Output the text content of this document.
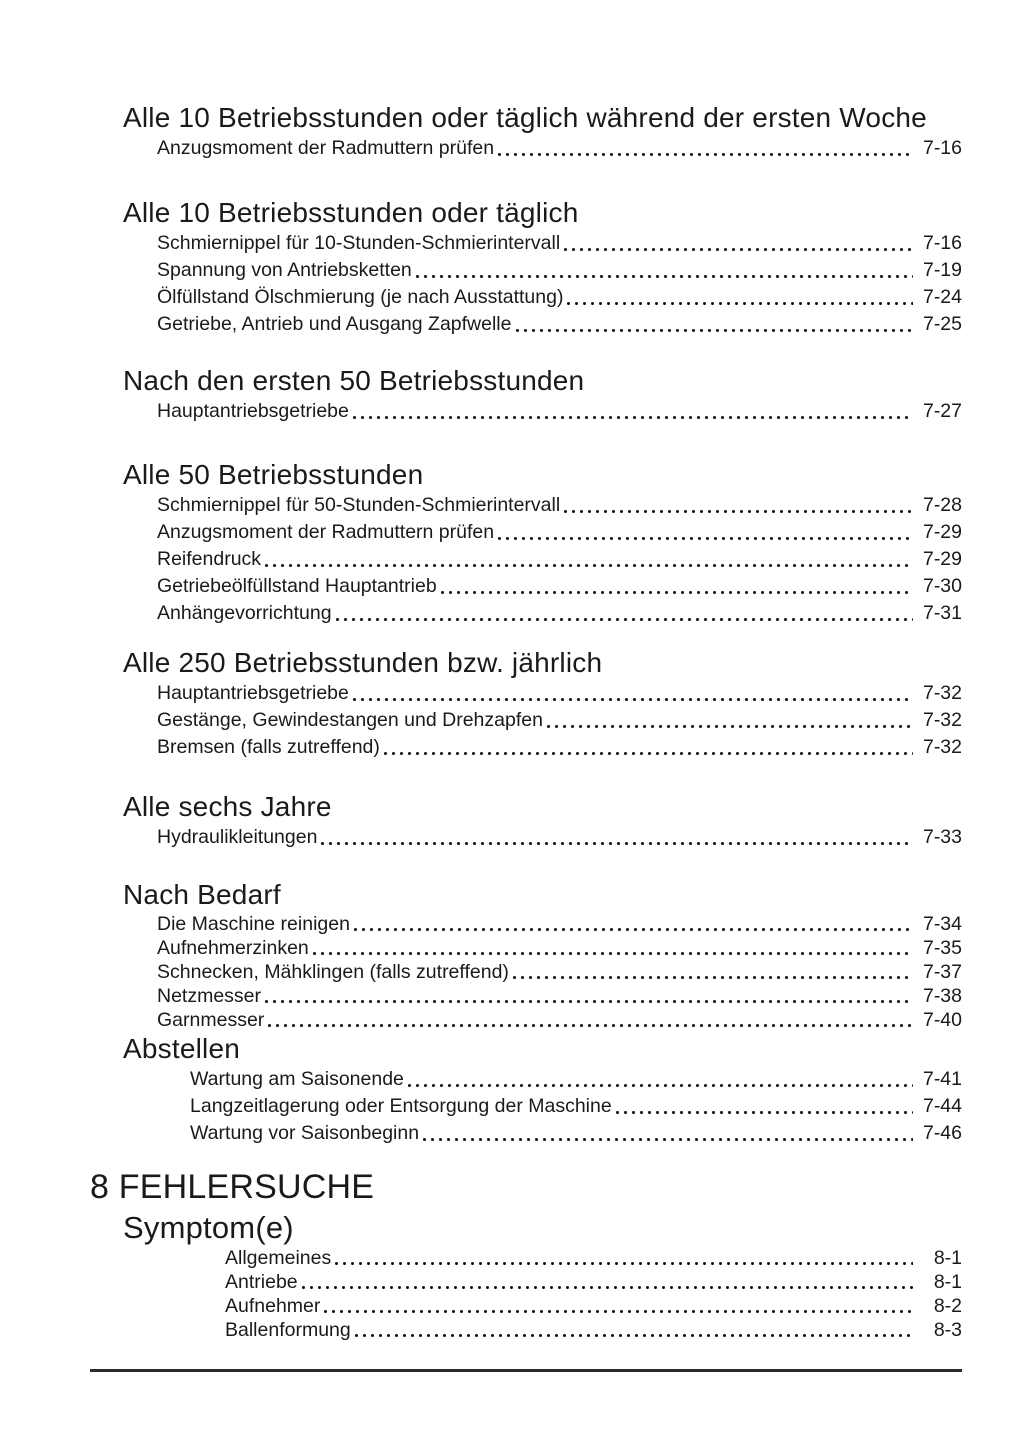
Alle 10 Betriebsstunden oder täglich während der ersten Woche
Anzugsmoment der Radmuttern prüfen	7-16
Alle 10 Betriebsstunden oder täglich
Schmiernippel für 10-Stunden-Schmierintervall	7-16
Spannung von Antriebsketten	7-19
Ölfüllstand Ölschmierung (je nach Ausstattung)	7-24
Getriebe, Antrieb und Ausgang Zapfwelle	7-25
Nach den ersten 50 Betriebsstunden
Hauptantriebsgetriebe	7-27
Alle 50 Betriebsstunden
Schmiernippel für 50-Stunden-Schmierintervall	7-28
Anzugsmoment der Radmuttern prüfen	7-29
Reifendruck	7-29
Getriebeölfüllstand Hauptantrieb	7-30
Anhängevorrichtung	7-31
Alle 250 Betriebsstunden bzw. jährlich
Hauptantriebsgetriebe	7-32
Gestänge, Gewindestangen und Drehzapfen	7-32
Bremsen (falls zutreffend)	7-32
Alle sechs Jahre
Hydraulikleitungen	7-33
Nach Bedarf
Die Maschine reinigen	7-34
Aufnehmerzinken	7-35
Schnecken, Mähklingen (falls zutreffend)	7-37
Netzmesser	7-38
Garnmesser	7-40
Abstellen
Wartung am Saisonende	7-41
Langzeitlagerung oder Entsorgung der Maschine	7-44
Wartung vor Saisonbeginn	7-46
8 FEHLERSUCHE
Symptom(e)
Allgemeines	8-1
Antriebe	8-1
Aufnehmer	8-2
Ballenformung	8-3
